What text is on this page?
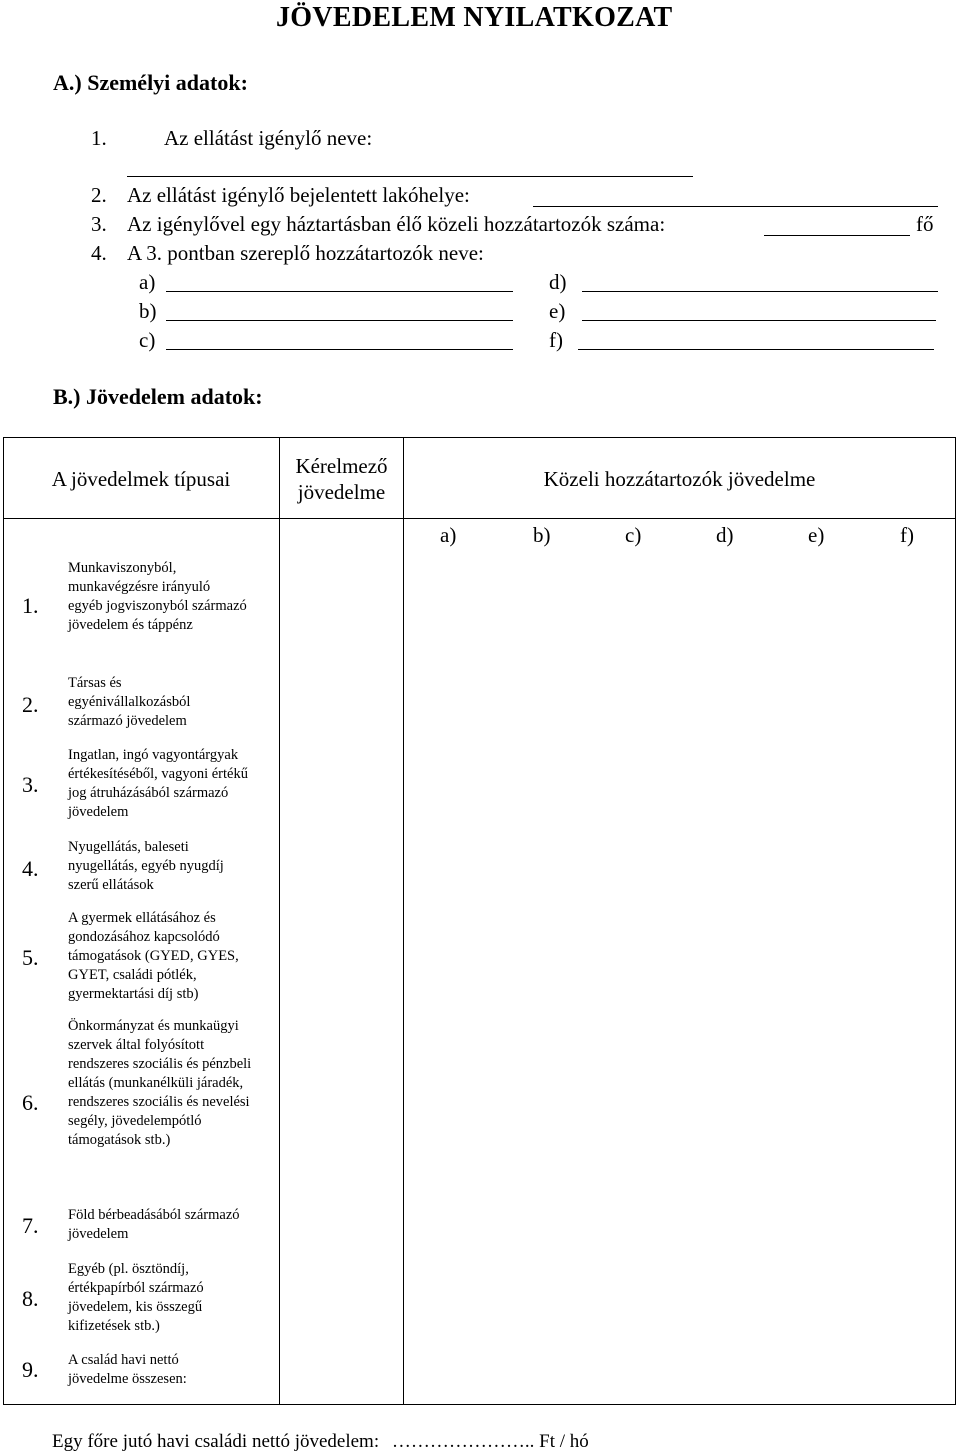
JÖVEDELEM NYILATKOZAT
A.) Személyi adatok:
1.	Az ellátást igénylő neve:
2. Az ellátást igénylő bejelentett lakóhelye:
3. Az igénylővel egy háztartásban élő közeli hozzátartozók száma:	fő
4. A 3. pontban szereplő hozzátartozók neve:
a)
b)
c)
d)
e)
f)
B.) Jövedelem adatok:
A jövedelmek típusai
Kérelmező jövedelme
Közeli hozzátartozók jövedelme
a)	b)	c)	d)	e)	f)
1.
Munkaviszonyból, munkavégzésre irányuló egyéb jogviszonyból származó jövedelem és táppénz
2.
Társas és egyénivállalkozásból származó jövedelem
3.
Ingatlan, ingó vagyontárgyak értékesítéséből, vagyoni értékű jog átruházásából származó jövedelem
4.
Nyugellátás, baleseti nyugellátás, egyéb nyugdíj szerű ellátások
5.
A gyermek ellátásához és gondozásához kapcsolódó támogatások (GYED, GYES, GYET, családi pótlék, gyermektartási díj stb)
6.
Önkormányzat és munkaügyi szervek által folyósított rendszeres szociális és pénzbeli ellátás (munkanélküli járadék, rendszeres szociális és nevelési segély, jövedelempótló támogatások stb.)
7. Föld bérbeadásából származó jövedelem
8.
Egyéb (pl. ösztöndíj, értékpapírból származó jövedelem, kis összegű kifizetések stb.)
9. A család havi nettó jövedelme összesen:
Egy főre jutó havi családi nettó jövedelem: ………………….. Ft / hó
